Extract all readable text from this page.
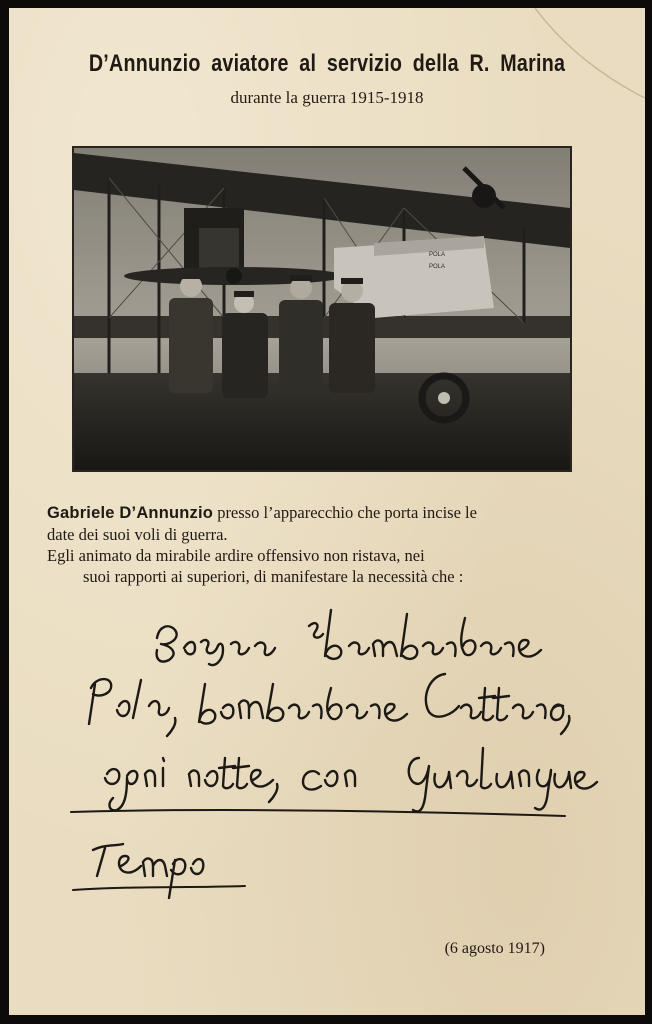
D’Annunzio aviatore al servizio della R. Marina
durante la guerra 1915-1918
POLA
POLA

Gabriele D’Annunzio presso l’apparecchio che porta incise le

date dei suoi voli di guerra.

Egli animato da mirabile ardire offensivo non ristava, nei

suoi rapporti ai superiori, di manifestare la necessità che :

(6 agosto 1917)
